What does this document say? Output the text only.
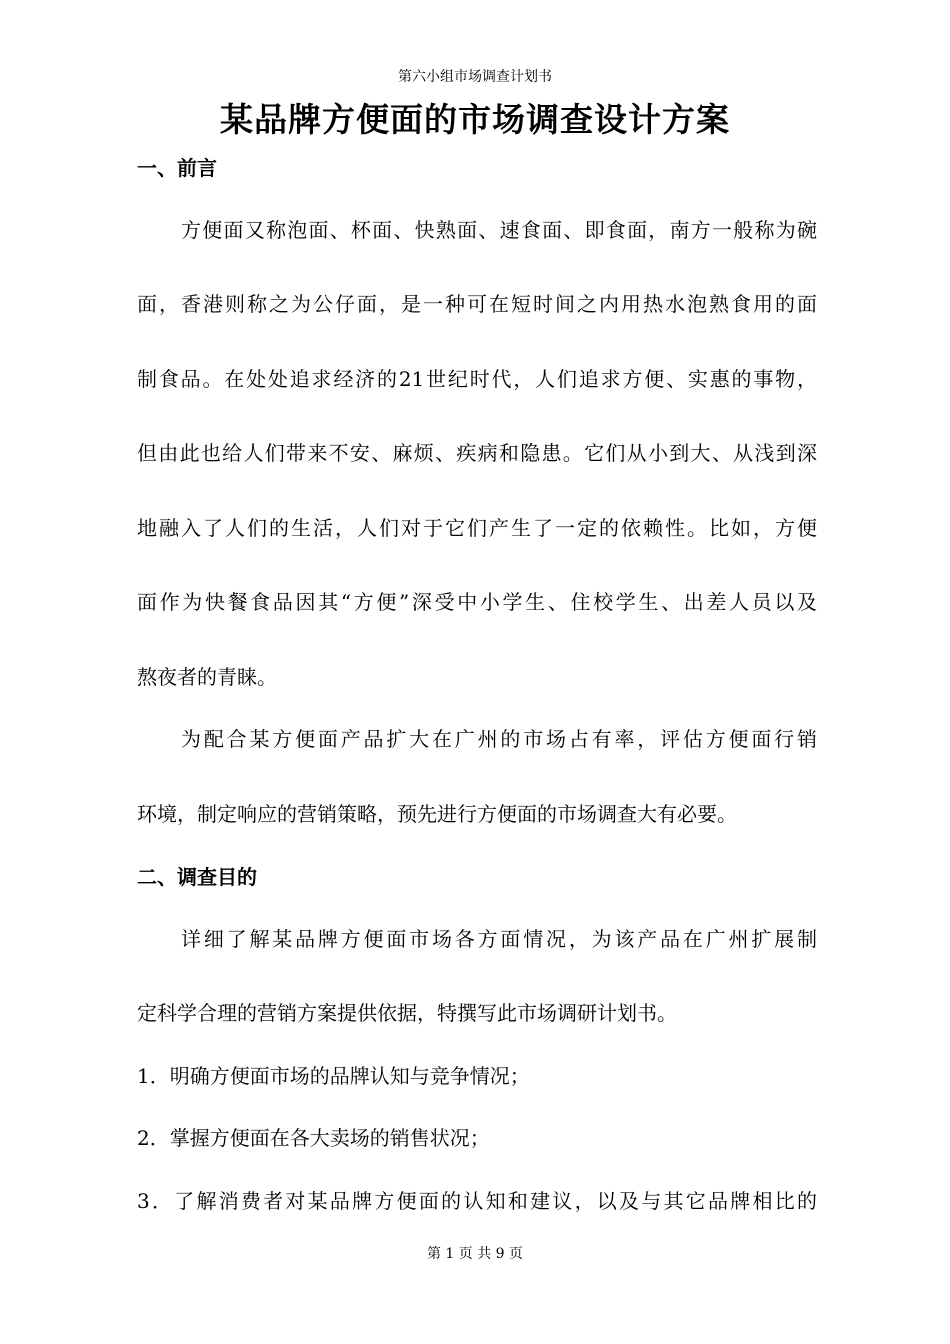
第六小组市场调查计划书
某品牌方便面的市场调查设计方案
一、前言
方便面又称泡面、杯面、快熟面、速食面、即食面，南方一般称为碗
面，香港则称之为公仔面，是一种可在短时间之内用热水泡熟食用的面
制食品。在处处追求经济的21世纪时代，人们追求方便、实惠的事物，
但由此也给人们带来不安、麻烦、疾病和隐患。它们从小到大、从浅到深
地融入了人们的生活，人们对于它们产生了一定的依赖性。比如，方便
面作为快餐食品因其“方便”深受中小学生、住校学生、出差人员以及
熬夜者的青睐。
为配合某方便面产品扩大在广州的市场占有率，评估方便面行销
环境，制定响应的营销策略，预先进行方便面的市场调查大有必要。
二、调查目的
详细了解某品牌方便面市场各方面情况，为该产品在广州扩展制
定科学合理的营销方案提供依据，特撰写此市场调研计划书。
1．明确方便面市场的品牌认知与竞争情况；
2．掌握方便面在各大卖场的销售状况；
3．了解消费者对某品牌方便面的认知和建议，以及与其它品牌相比的
第 1 页 共 9 页
